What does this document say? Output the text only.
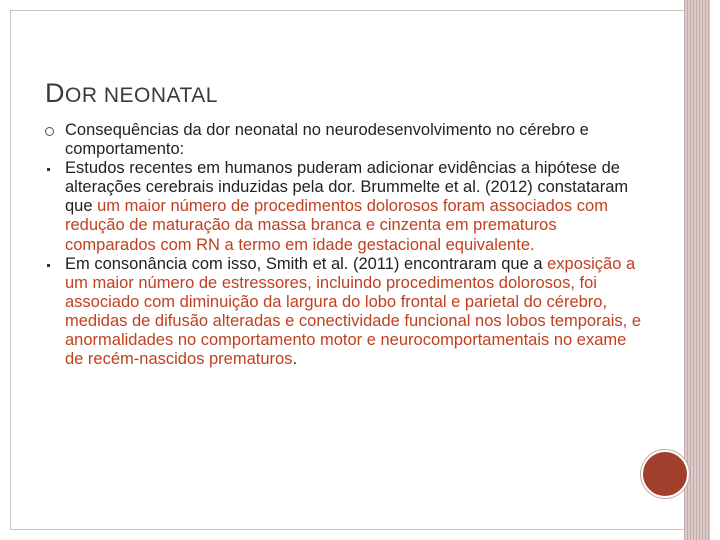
DOR NEONATAL
Consequências da dor neonatal no neurodesenvolvimento no cérebro e comportamento:
Estudos recentes em humanos puderam adicionar evidências a hipótese de alterações cerebrais induzidas pela dor. Brummelte et al. (2012) constataram que um maior número de procedimentos dolorosos foram associados com redução de maturação da massa branca e cinzenta em prematuros comparados com RN a termo em idade gestacional equivalente.
Em consonância com isso, Smith et al. (2011) encontraram que a exposição a um maior número de estressores, incluindo procedimentos dolorosos, foi associado com diminuição da largura do lobo frontal e parietal do cérebro, medidas de difusão alteradas e conectividade funcional nos lobos temporais, e anormalidades no comportamento motor e neurocomportamentais no exame de recém-nascidos prematuros.
